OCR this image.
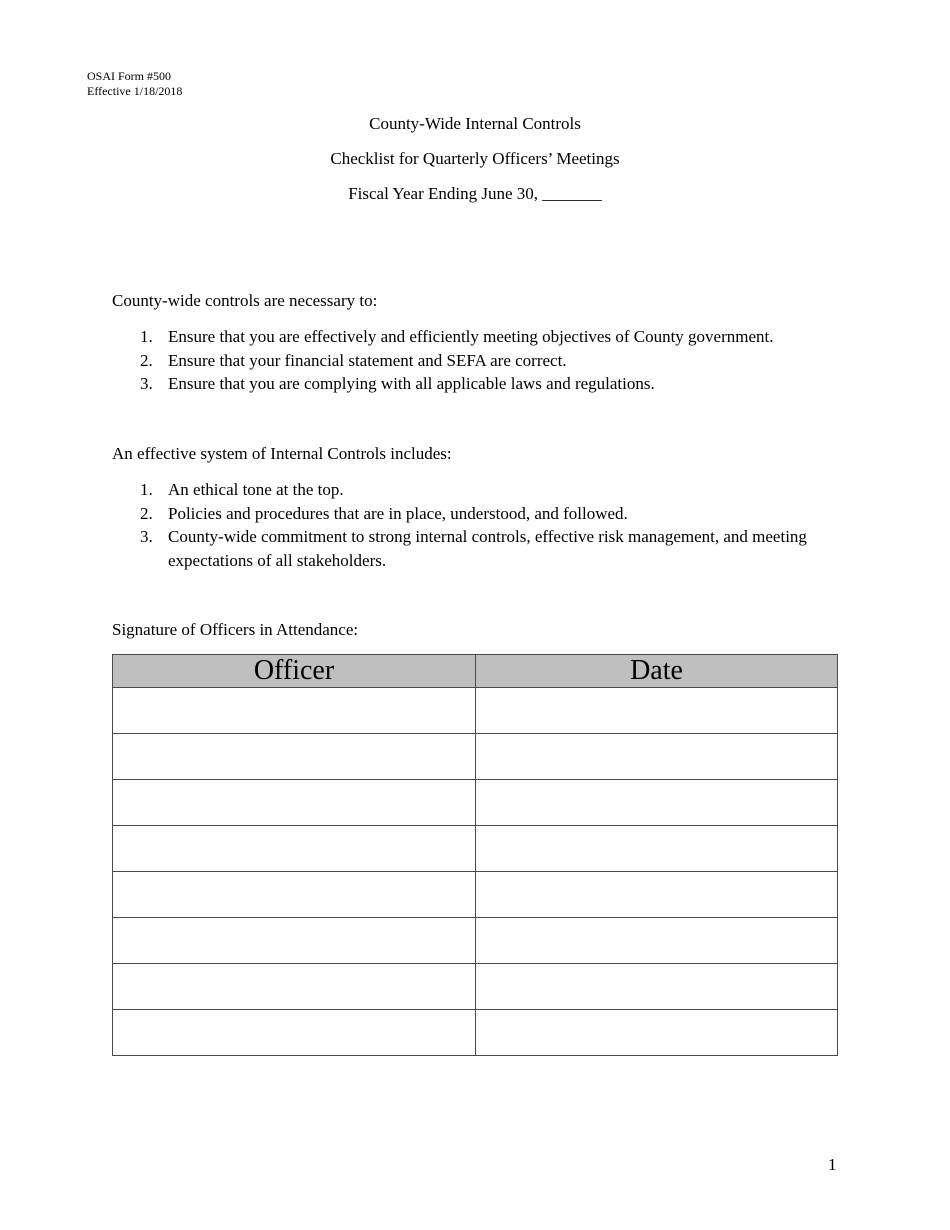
OSAI Form #500
Effective 1/18/2018
County-Wide Internal Controls
Checklist for Quarterly Officers’ Meetings
Fiscal Year Ending June 30, _______
County-wide controls are necessary to:
1. Ensure that you are effectively and efficiently meeting objectives of County government.
2. Ensure that your financial statement and SEFA are correct.
3. Ensure that you are complying with all applicable laws and regulations.
An effective system of Internal Controls includes:
1. An ethical tone at the top.
2. Policies and procedures that are in place, understood, and followed.
3. County-wide commitment to strong internal controls, effective risk management, and meeting expectations of all stakeholders.
Signature of Officers in Attendance:
Officer	Date

1
